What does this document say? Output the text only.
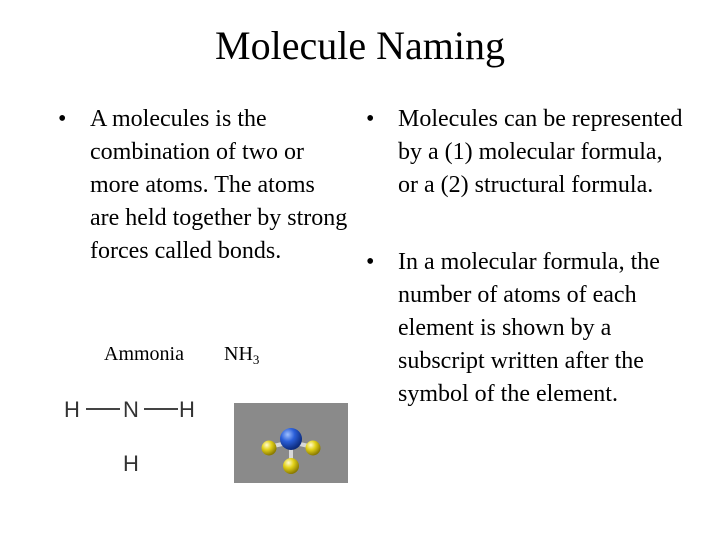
Molecule Naming
• A molecules is the combination of two or more atoms. The atoms are held together by strong forces called bonds.
• Molecules can be represented by a (1) molecular formula, or a (2) structural formula.
• In a molecular formula, the number of atoms of each element is shown by a subscript written after the symbol of the element.
Ammonia $NH_3$
H N H
H
